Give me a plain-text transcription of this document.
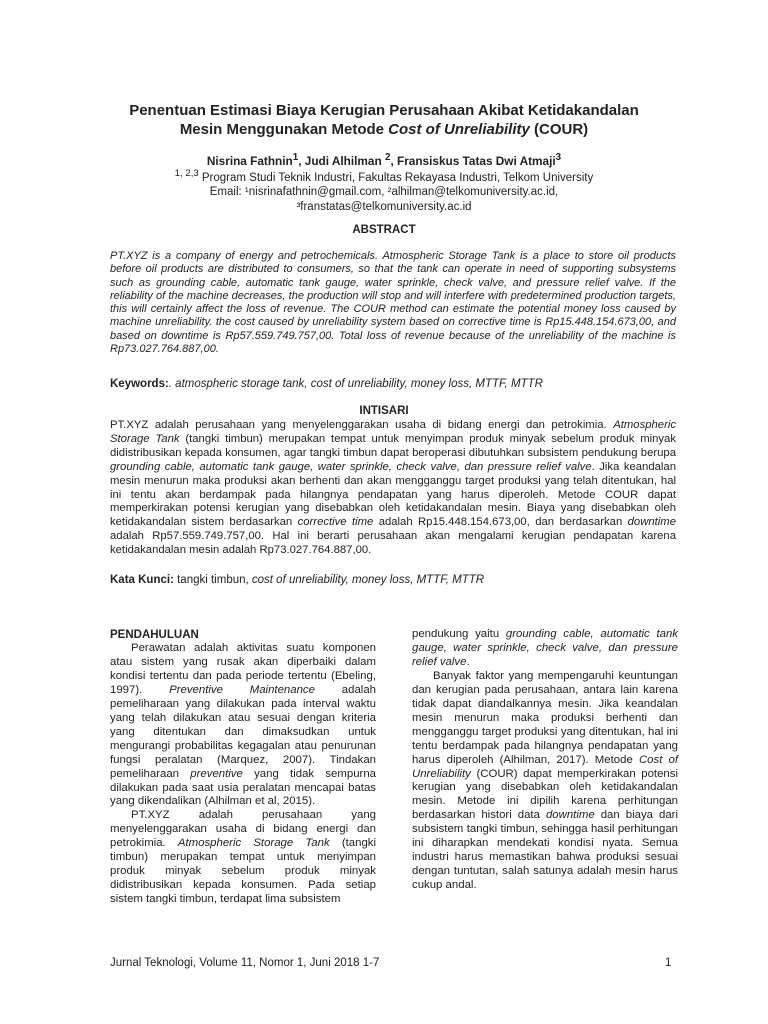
Penentuan Estimasi Biaya Kerugian Perusahaan Akibat Ketidakandalan
Mesin Menggunakan Metode Cost of Unreliability (COUR)
Nisrina Fathnin$^1$, Judi Alhilman $^2$, Fransiskus Tatas Dwi Atmaji$^3$
$^{1, 2,3}$ Program Studi Teknik Industri, Fakultas Rekayasa Industri, Telkom University
Email: ¹nisrinafathnin@gmail.com, ²alhilman@telkomuniversity.ac.id,
³franstatas@telkomuniversity.ac.id
ABSTRACT
PT.XYZ is a company of energy and petrochemicals. Atmospheric Storage Tank is a place to store oil products before oil products are distributed to consumers, so that the tank can operate in need of supporting subsystems such as grounding cable, automatic tank gauge, water sprinkle, check valve, and pressure relief valve. If the reliability of the machine decreases, the production will stop and will interfere with predetermined production targets, this will certainly affect the loss of revenue. The COUR method can estimate the potential money loss caused by machine unreliability. the cost caused by unreliability system based on corrective time is Rp15.448.154.673,00, and based on downtime is Rp57.559.749.757,00. Total loss of revenue because of the unreliability of the machine is Rp73.027.764.887,00.
Keywords:. atmospheric storage tank, cost of unreliability, money loss, MTTF, MTTR
INTISARI
PT.XYZ adalah perusahaan yang menyelenggarakan usaha di bidang energi dan petrokimia. Atmospheric Storage Tank (tangki timbun) merupakan tempat untuk menyimpan produk minyak sebelum produk minyak didistribusikan kepada konsumen, agar tangki timbun dapat beroperasi dibutuhkan subsistem pendukung berupa grounding cable, automatic tank gauge, water sprinkle, check valve, dan pressure relief valve. Jika keandalan mesin menurun maka produksi akan berhenti dan akan mengganggu target produksi yang telah ditentukan, hal ini tentu akan berdampak pada hilangnya pendapatan yang harus diperoleh. Metode COUR dapat memperkirakan potensi kerugian yang disebabkan oleh ketidakandalan mesin. Biaya yang disebabkan oleh ketidakandalan sistem berdasarkan corrective time adalah Rp15.448.154.673,00, dan berdasarkan downtime adalah Rp57.559.749.757,00. Hal ini berarti perusahaan akan mengalami kerugian pendapatan karena ketidakandalan mesin adalah Rp73.027.764.887,00.
Kata Kunci: tangki timbun, cost of unreliability, money loss, MTTF, MTTR
PENDAHULUAN

Perawatan adalah aktivitas suatu komponen atau sistem yang rusak akan diperbaiki dalam kondisi tertentu dan pada periode tertentu (Ebeling, 1997). Preventive Maintenance adalah pemeliharaan yang dilakukan pada interval waktu yang telah dilakukan atau sesuai dengan kriteria yang ditentukan dan dimaksudkan untuk mengurangi probabilitas kegagalan atau penurunan fungsi peralatan (Marquez, 2007). Tindakan pemeliharaan preventive yang tidak sempurna dilakukan pada saat usia peralatan mencapai batas yang dikendalikan (Alhilman et al, 2015).

PT.XYZ adalah perusahaan yang menyelenggarakan usaha di bidang energi dan petrokimia. Atmospheric Storage Tank (tangki timbun) merupakan tempat untuk menyimpan produk minyak sebelum produk minyak didistribusikan kepada konsumen. Pada setiap sistem tangki timbun, terdapat lima subsistem

pendukung yaitu grounding cable, automatic tank gauge, water sprinkle, check valve, dan pressure relief valve.

Banyak faktor yang mempengaruhi keuntungan dan kerugian pada perusahaan, antara lain karena tidak dapat diandalkannya mesin. Jika keandalan mesin menurun maka produksi berhenti dan mengganggu target produksi yang ditentukan, hal ini tentu berdampak pada hilangnya pendapatan yang harus diperoleh (Alhilman, 2017). Metode Cost of Unreliability (COUR) dapat memperkirakan potensi kerugian yang disebabkan oleh ketidakandalan mesin. Metode ini dipilih karena perhitungan berdasarkan histori data downtime dan biaya dari subsistem tangki timbun, sehingga hasil perhitungan ini diharapkan mendekati kondisi nyata. Semua industri harus memastikan bahwa produksi sesuai dengan tuntutan, salah satunya adalah mesin harus cukup andal.

Jurnal Teknologi, Volume 11, Nomor 1, Juni 2018 1-7	1
